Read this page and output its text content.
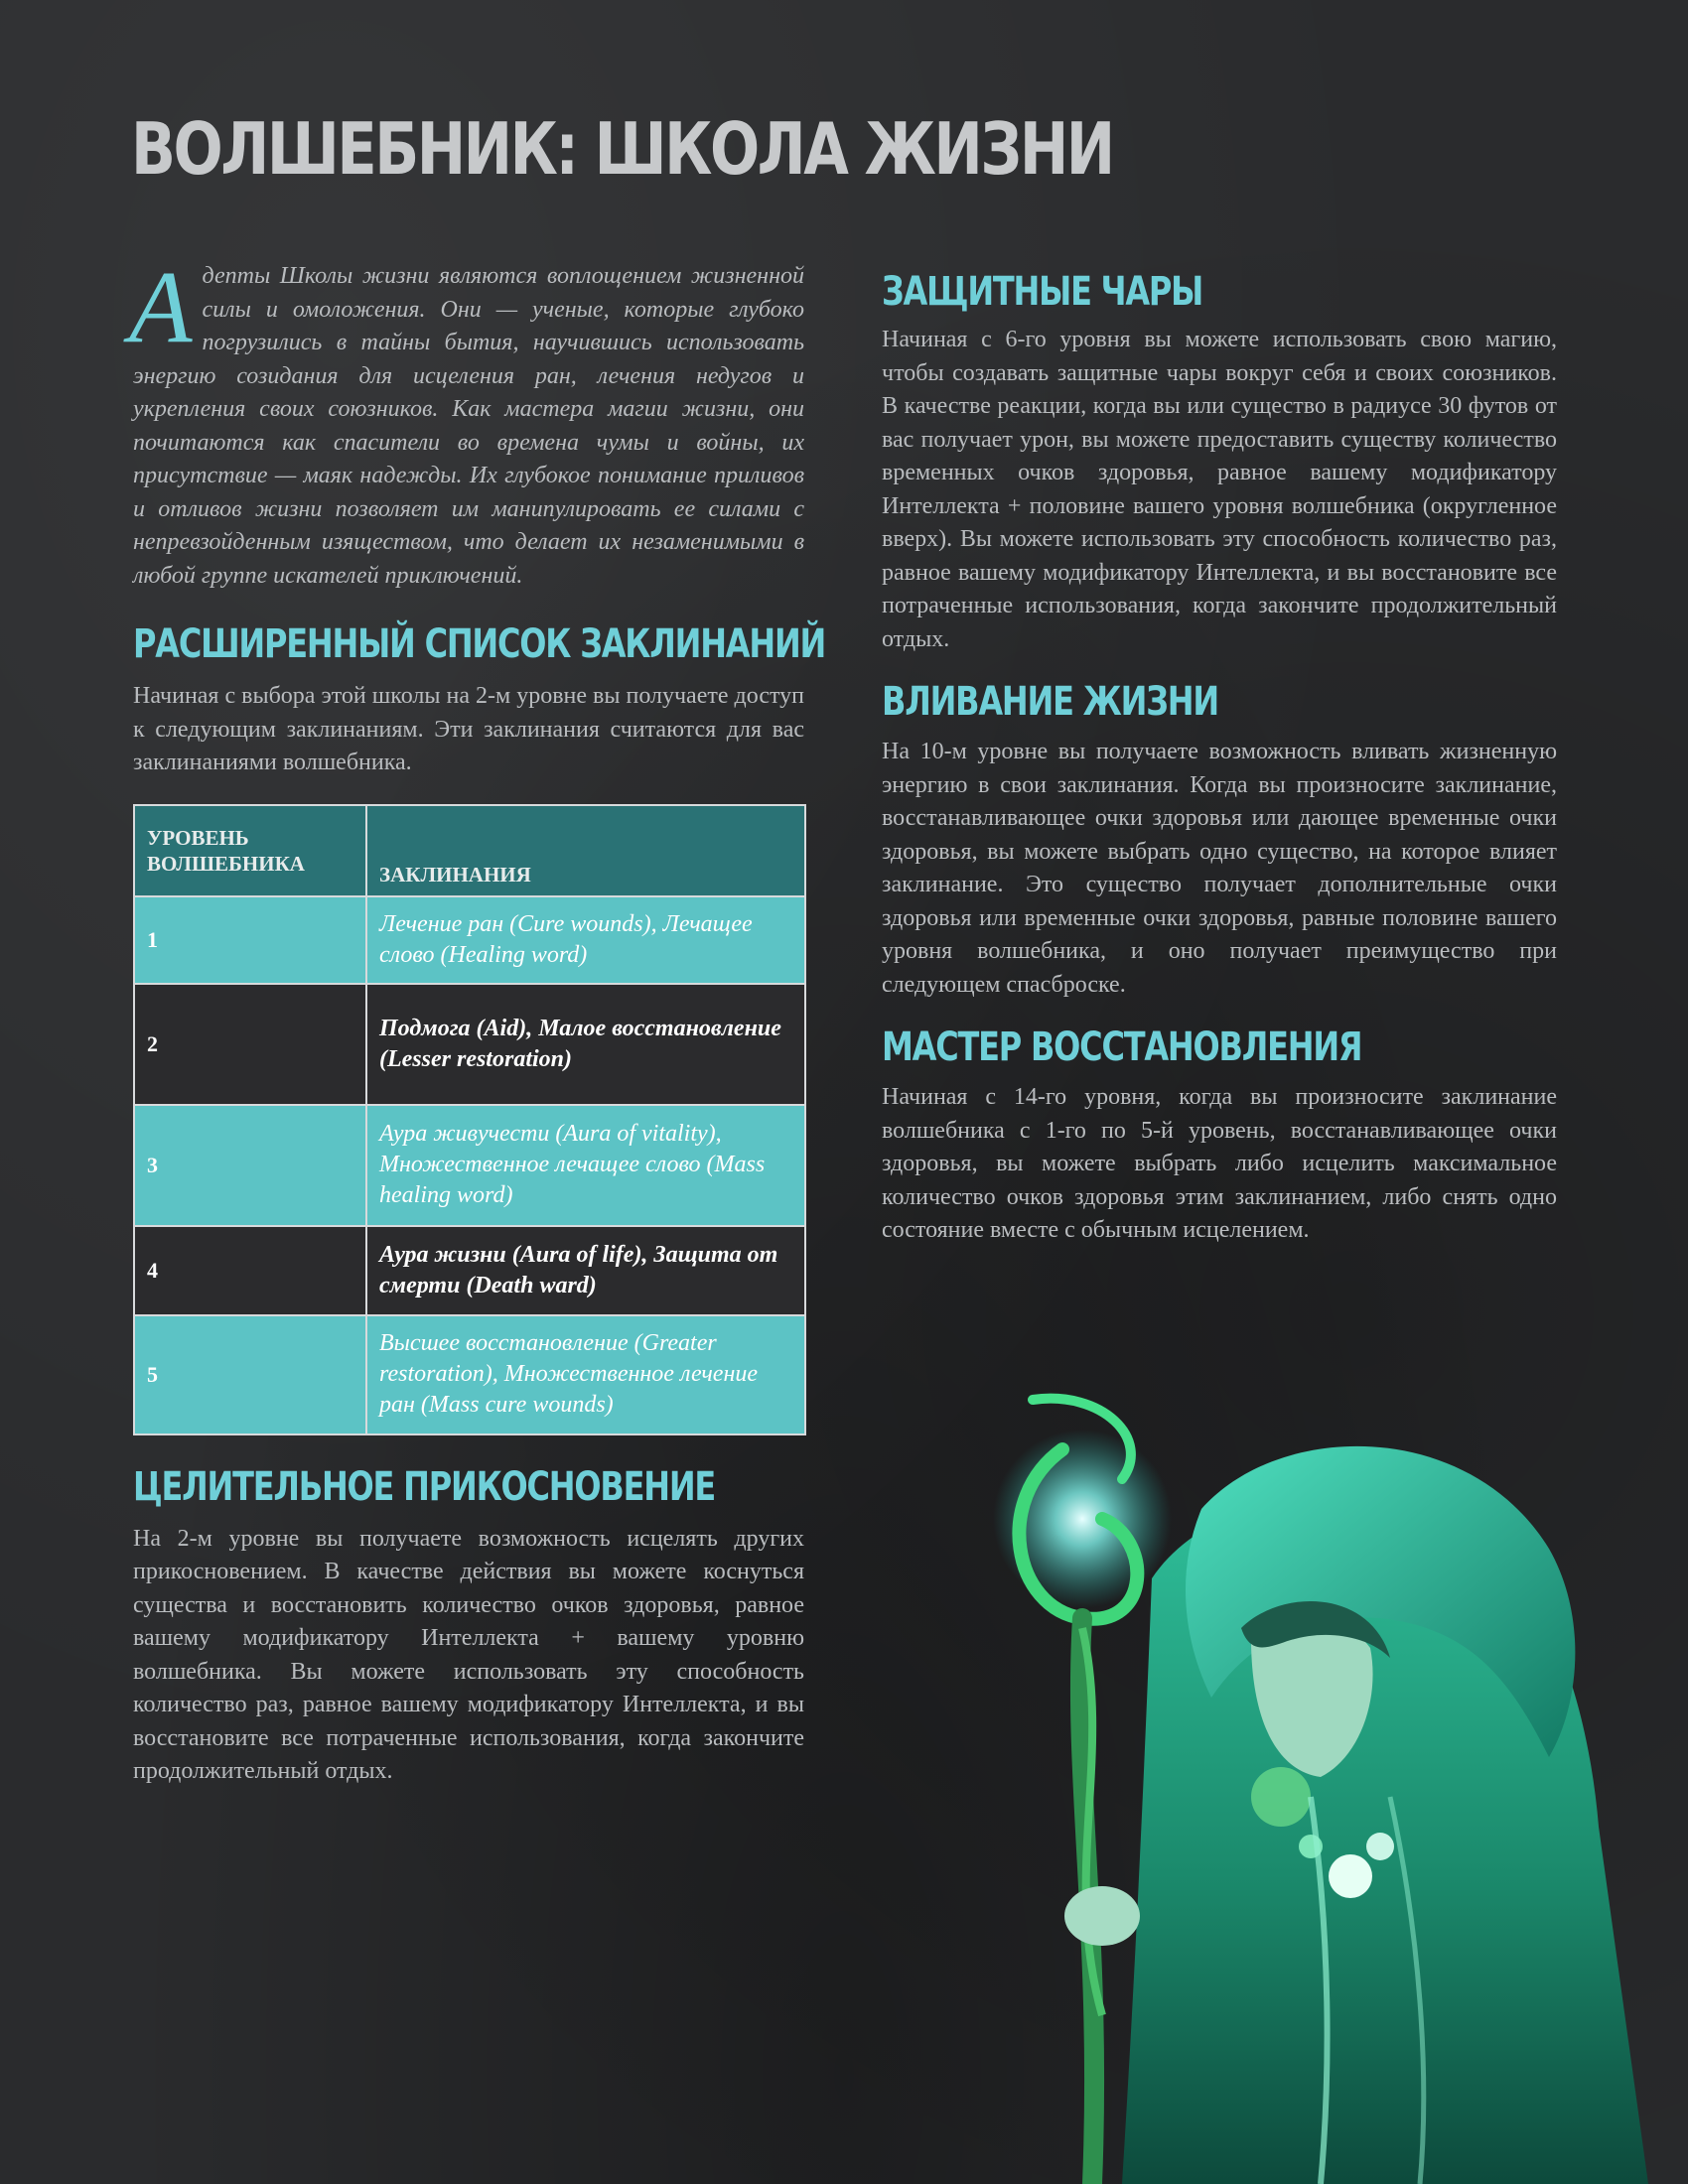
ВОЛШЕБНИК: ШКОЛА ЖИЗНИ

Адепты Школы жизни являются воплощением жизненной силы и омоложения. Они — ученые, которые глубоко погрузились в тайны бытия, научившись использовать энергию созидания для исцеления ран, лечения недугов и укрепления своих союзников. Как мастера магии жизни, они почитаются как спасители во времена чумы и войны, их присутствие — маяк надежды. Их глубокое понимание приливов и отливов жизни позволяет им манипулировать ее силами с непревзойденным изяществом, что делает их незаменимыми в любой группе искателей приключений.

РАСШИРЕННЫЙ СПИСОК ЗАКЛИНАНИЙ

Начиная с выбора этой школы на 2-м уровне вы получаете доступ к следующим заклинаниям. Эти заклинания считаются для вас заклинаниями волшебника.

УРОВЕНЬ ВОЛШЕБНИКА	ЗАКЛИНАНИЯ
1	Лечение ран (Cure wounds), Лечащее слово (Healing word)
2	Подмога (Aid), Малое восстановление (Lesser restoration)
3	Аура живучести (Aura of vitality), Множественное лечащее слово (Mass healing word)
4	Аура жизни (Aura of life), Защита от смерти (Death ward)
5	Высшее восстановление (Greater restoration), Множественное лечение ран (Mass cure wounds)
ЦЕЛИТЕЛЬНОЕ ПРИКОСНОВЕНИЕ

На 2-м уровне вы получаете возможность исцелять других прикосновением. В качестве действия вы можете коснуться существа и восстановить количество очков здоровья, равное вашему модификатору Интеллекта + вашему уровню волшебника. Вы можете использовать эту способность количество раз, равное вашему модификатору Интеллекта, и вы восстановите все потраченные использования, когда закончите продолжительный отдых.

ЗАЩИТНЫЕ ЧАРЫ

Начиная с 6-го уровня вы можете использовать свою магию, чтобы создавать защитные чары вокруг себя и своих союзников. В качестве реакции, когда вы или существо в радиусе 30 футов от вас получает урон, вы можете предоставить существу количество временных очков здоровья, равное вашему модификатору Интеллекта + половине вашего уровня волшебника (округленное вверх). Вы можете использовать эту способность количество раз, равное вашему модификатору Интеллекта, и вы восстановите все потраченные использования, когда закончите продолжительный отдых.

ВЛИВАНИЕ ЖИЗНИ

На 10-м уровне вы получаете возможность вливать жизненную энергию в свои заклинания. Когда вы произносите заклинание, восстанавливающее очки здоровья или дающее временные очки здоровья, вы можете выбрать одно существо, на которое влияет заклинание. Это существо получает дополнительные очки здоровья или временные очки здоровья, равные половине вашего уровня волшебника, и оно получает преимущество при следующем спасброске.

МАСТЕР ВОССТАНОВЛЕНИЯ

Начиная с 14-го уровня, когда вы произносите заклинание волшебника с 1-го по 5-й уровень, восстанавливающее очки здоровья, вы можете выбрать либо исцелить максимальное количество очков здоровья этим заклинанием, либо снять одно состояние вместе с обычным исцелением.
